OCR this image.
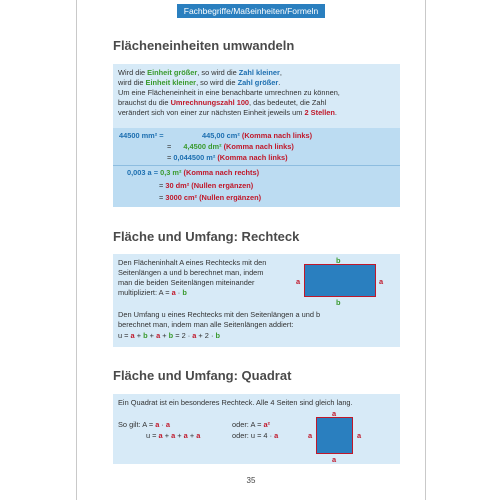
Fachbegriffe/Maßeinheiten/Formeln
Flächeneinheiten umwandeln
Wird die Einheit größer, so wird die Zahl kleiner,
wird die Einheit kleiner, so wird die Zahl größer.
Um eine Flächeneinheit in eine benachbarte umrechnen zu können,
brauchst du die Umrechnungszahl 100, das bedeutet, die Zahl
verändert sich von einer zur nächsten Einheit jeweils um 2 Stellen.
44500 mm² =	445,00 cm² (Komma nach links)
= 4,4500 dm² (Komma nach links)
= 0,044500 m² (Komma nach links)
0,003 a = 0,3 m² (Komma nach rechts)
= 30 dm² (Nullen ergänzen)
= 3000 cm² (Nullen ergänzen)
Fläche und Umfang: Rechteck
Den Flächeninhalt A eines Rechtecks mit den
Seitenlängen a und b berechnet man, indem
man die beiden Seitenlängen miteinander
multipliziert: A = a · b
Den Umfang u eines Rechtecks mit den Seitenlängen a und b
berechnet man, indem man alle Seitenlängen addiert:
u = a + b + a + b = 2 · a + 2 · b
b
b
a	a
Fläche und Umfang: Quadrat
Ein Quadrat ist ein besonderes Rechteck. Alle 4 Seiten sind gleich lang.
So gilt: A = a · a
u = a + a + a + a
oder: A = a²
oder: u = 4 · a
a
a
a	a
35
